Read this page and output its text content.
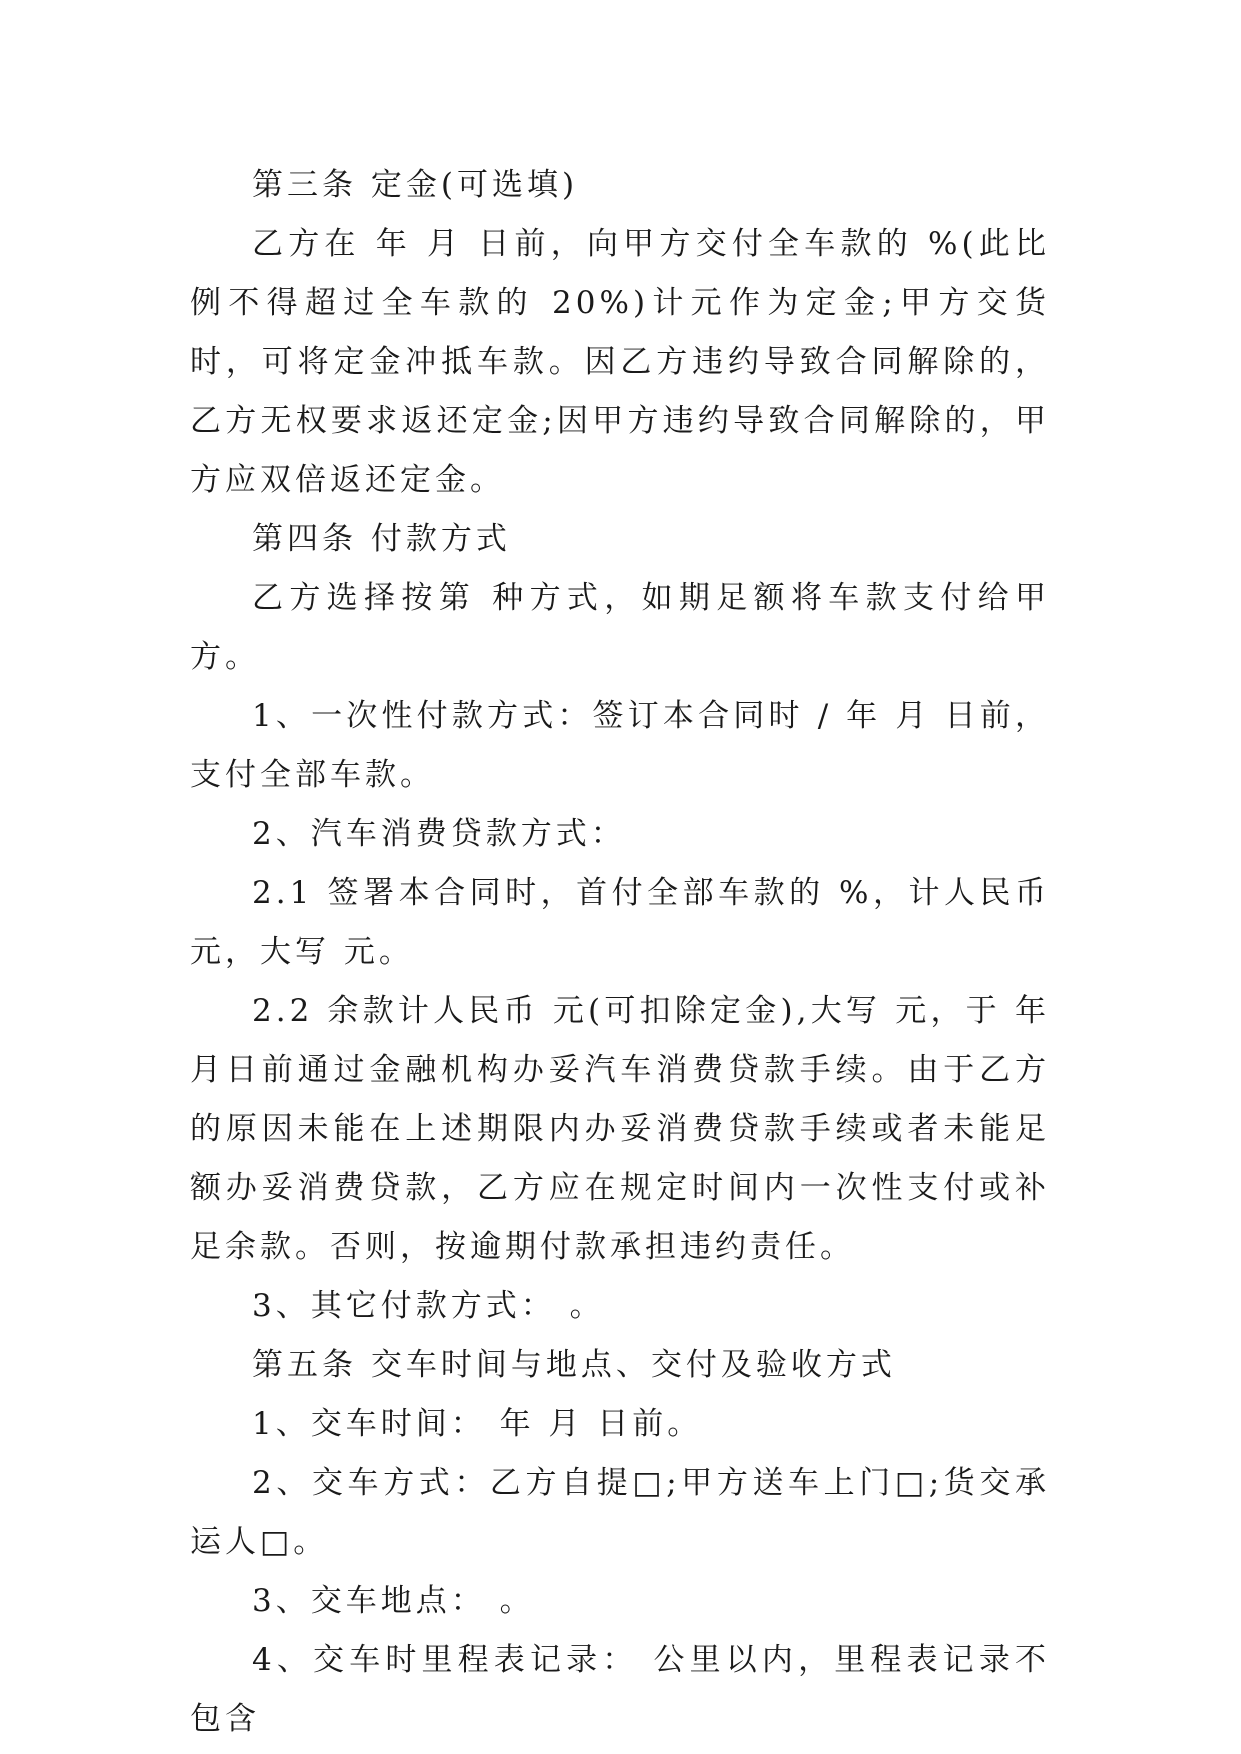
第三条 定金(可选填)

乙方在 年 月 日前，向甲方交付全车款的 %(此比例不得超过全车款的 20%)计元作为定金;甲方交货时，可将定金冲抵车款。因乙方违约导致合同解除的，乙方无权要求返还定金;因甲方违约导致合同解除的，甲方应双倍返还定金。

第四条 付款方式

乙方选择按第 种方式，如期足额将车款支付给甲方。

1、一次性付款方式：签订本合同时 / 年 月 日前，支付全部车款。

2、汽车消费贷款方式：

2.1 签署本合同时，首付全部车款的 %，计人民币 元，大写 元。

2.2 余款计人民币 元(可扣除定金),大写 元，于 年月日前通过金融机构办妥汽车消费贷款手续。由于乙方的原因未能在上述期限内办妥消费贷款手续或者未能足额办妥消费贷款，乙方应在规定时间内一次性支付或补足余款。否则，按逾期付款承担违约责任。

3、其它付款方式： 。

第五条 交车时间与地点、交付及验收方式

1、交车时间： 年 月 日前。

2、交车方式：乙方自提□;甲方送车上门□;货交承运人□。

3、交车地点： 。

4、交车时里程表记录： 公里以内，里程表记录不包含
